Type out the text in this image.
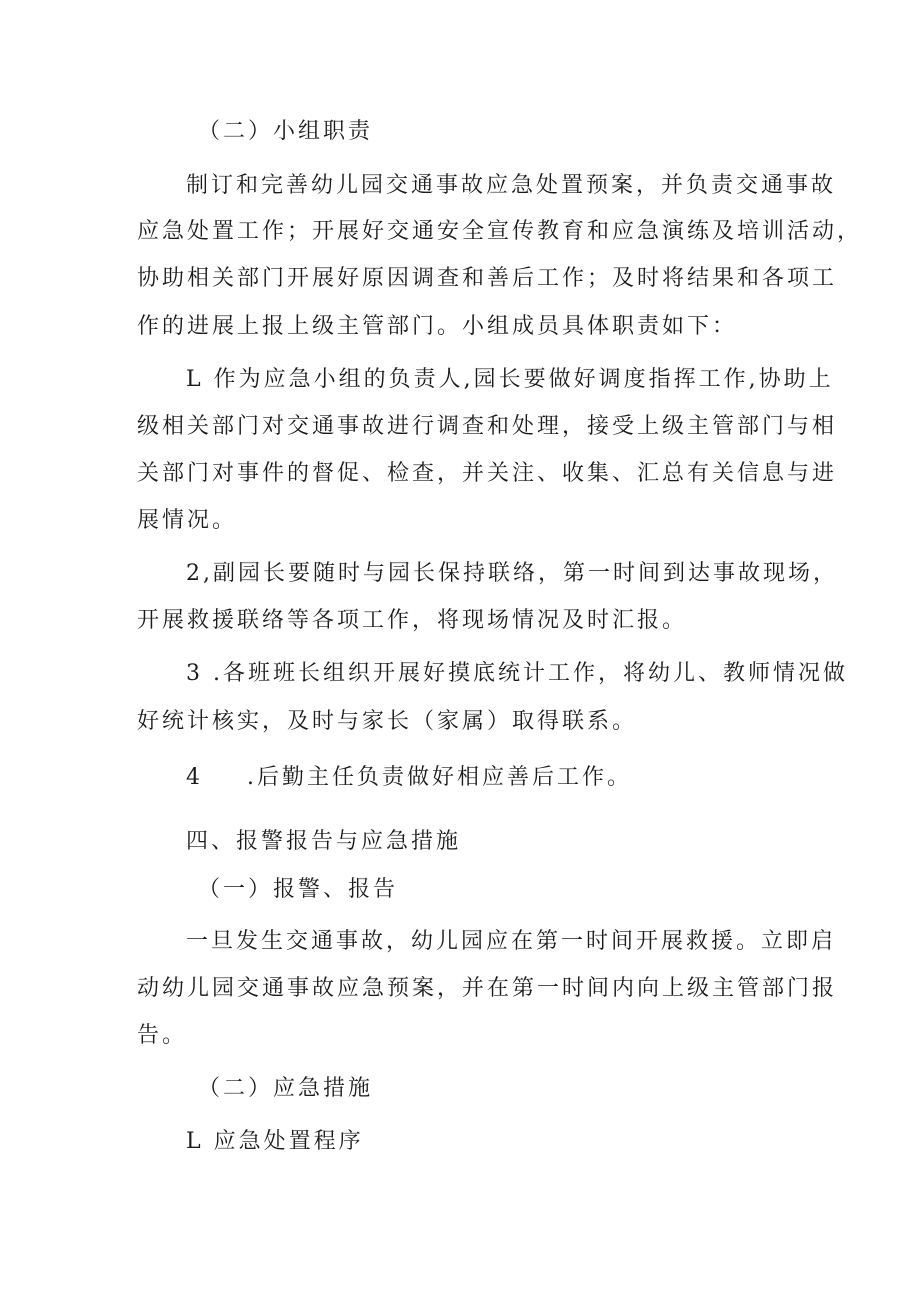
（二）小组职责
制订和完善幼儿园交通事故应急处置预案，并负责交通事故
应急处置工作；开展好交通安全宣传教育和应急演练及培训活动，
协助相关部门开展好原因调查和善后工作；及时将结果和各项工
作的进展上报上级主管部门。小组成员具体职责如下：
L 作为应急小组的负责人,园长要做好调度指挥工作,协助上
级相关部门对交通事故进行调查和处理，接受上级主管部门与相
关部门对事件的督促、检查，并关注、收集、汇总有关信息与进
展情况。
2,副园长要随时与园长保持联络，第一时间到达事故现场，
开展救援联络等各项工作，将现场情况及时汇报。
3 .各班班长组织开展好摸底统计工作，将幼儿、教师情况做
好统计核实，及时与家长（家属）取得联系。
4 .后勤主任负责做好相应善后工作。
四、报警报告与应急措施
（一）报警、报告
一旦发生交通事故，幼儿园应在第一时间开展救援。立即启
动幼儿园交通事故应急预案，并在第一时间内向上级主管部门报
告。
（二）应急措施
L 应急处置程序
